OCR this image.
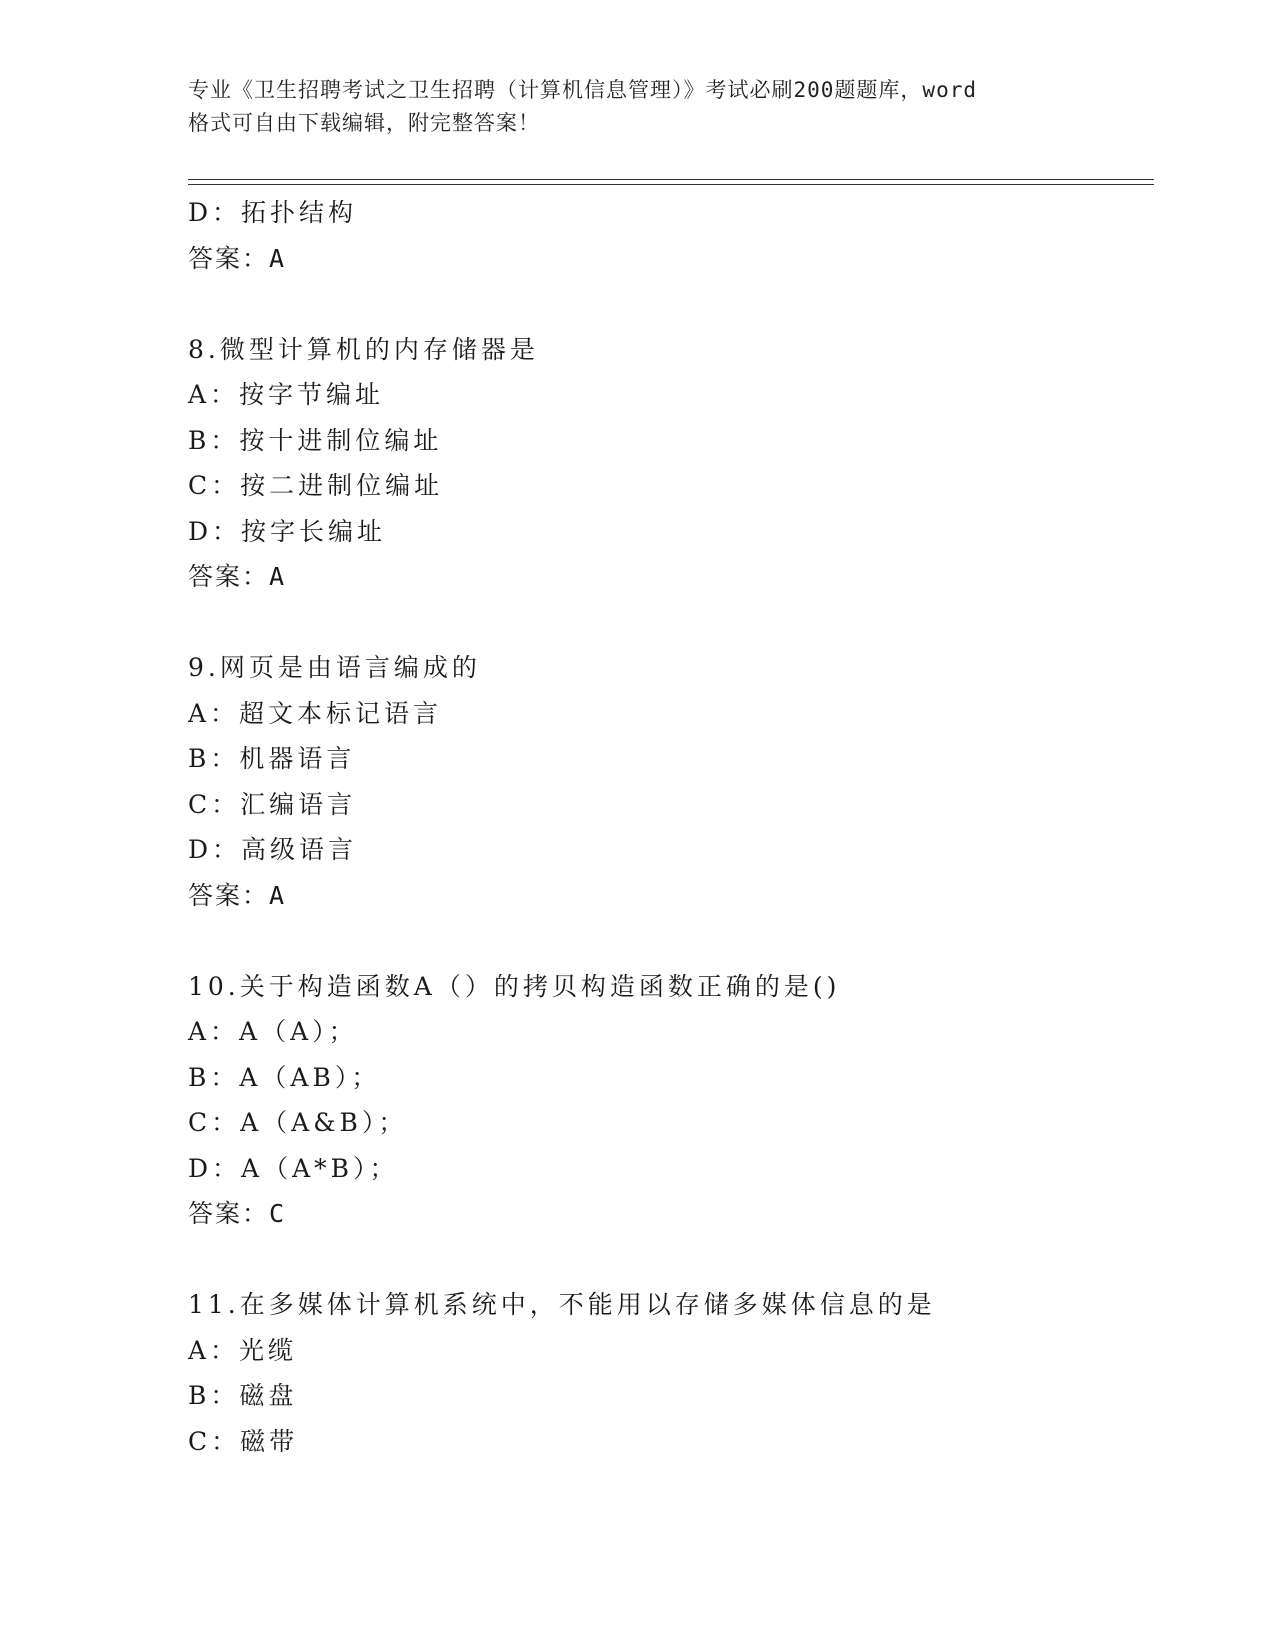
专业《卫生招聘考试之卫生招聘（计算机信息管理）》考试必刷200题题库，word
格式可自由下载编辑，附完整答案！
D：拓扑结构
答案：A
8.微型计算机的内存储器是
A：按字节编址
B：按十进制位编址
C：按二进制位编址
D：按字长编址
答案：A
9.网页是由语言编成的
A：超文本标记语言
B：机器语言
C：汇编语言
D：高级语言
答案：A
10.关于构造函数A（）的拷贝构造函数正确的是()
A：A（A）；
B：A（AB）；
C：A（A&B）；
D：A（A*B）；
答案：C
11.在多媒体计算机系统中，不能用以存储多媒体信息的是
A：光缆
B：磁盘
C：磁带
